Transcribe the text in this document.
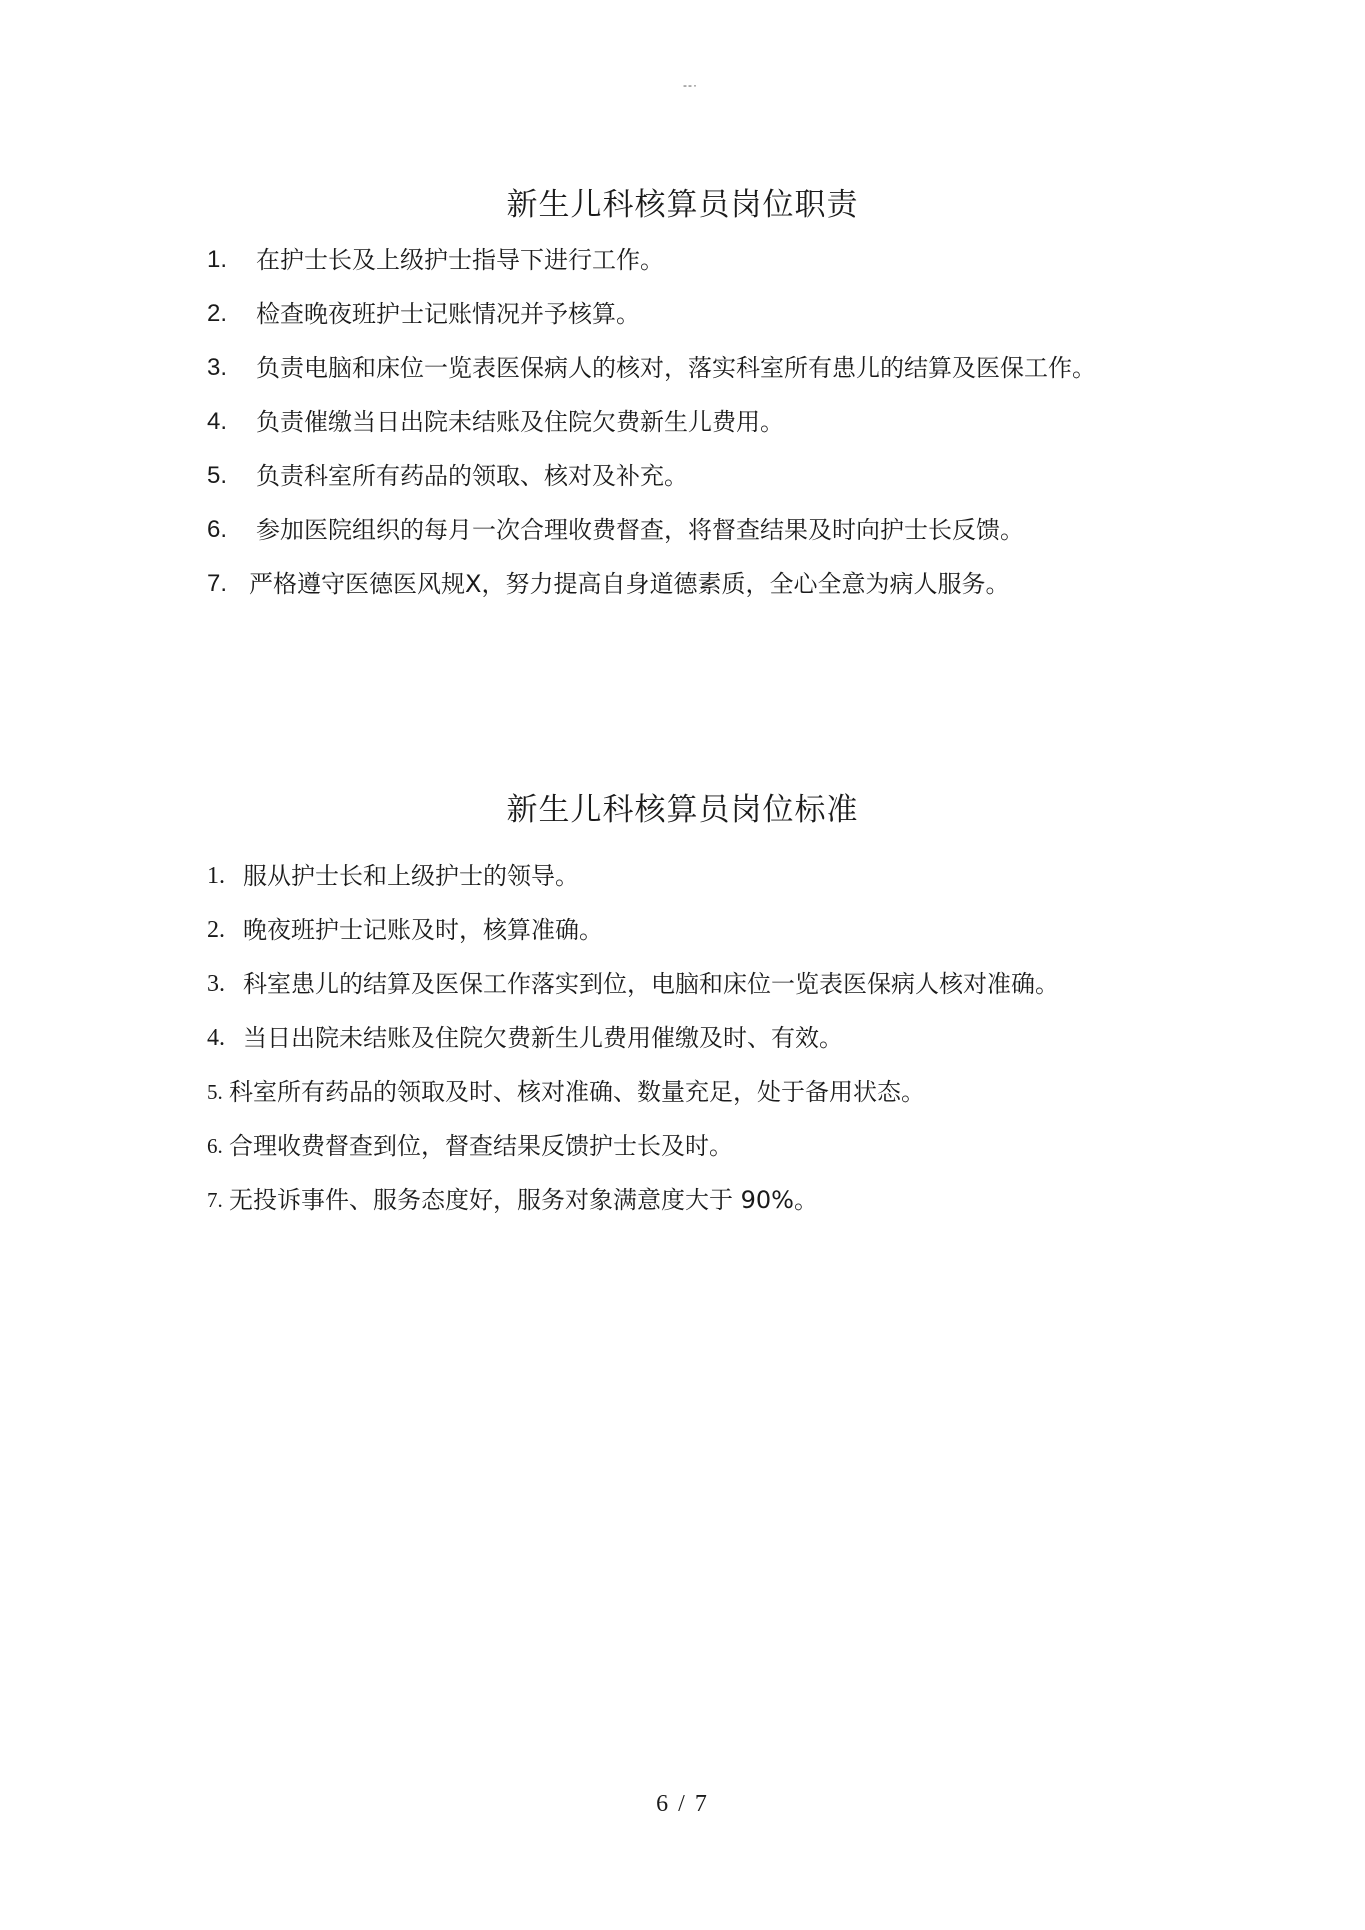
--·
新生儿科核算员岗位职责
1. 在护士长及上级护士指导下进行工作。
2. 检查晚夜班护士记账情况并予核算。
3. 负责电脑和床位一览表医保病人的核对，落实科室所有患儿的结算及医保工作。
4. 负责催缴当日出院未结账及住院欠费新生儿费用。
5. 负责科室所有药品的领取、核对及补充。
6. 参加医院组织的每月一次合理收费督查，将督查结果及时向护士长反馈。
7. 严格遵守医德医风规X，努力提高自身道德素质，全心全意为病人服务。
新生儿科核算员岗位标准
1. 服从护士长和上级护士的领导。
2. 晚夜班护士记账及时，核算准确。
3. 科室患儿的结算及医保工作落实到位，电脑和床位一览表医保病人核对准确。
4. 当日出院未结账及住院欠费新生儿费用催缴及时、有效。
5. 科室所有药品的领取及时、核对准确、数量充足，处于备用状态。
6. 合理收费督查到位，督查结果反馈护士长及时。
7. 无投诉事件、服务态度好，服务对象满意度大于 90%。
6 / 7
